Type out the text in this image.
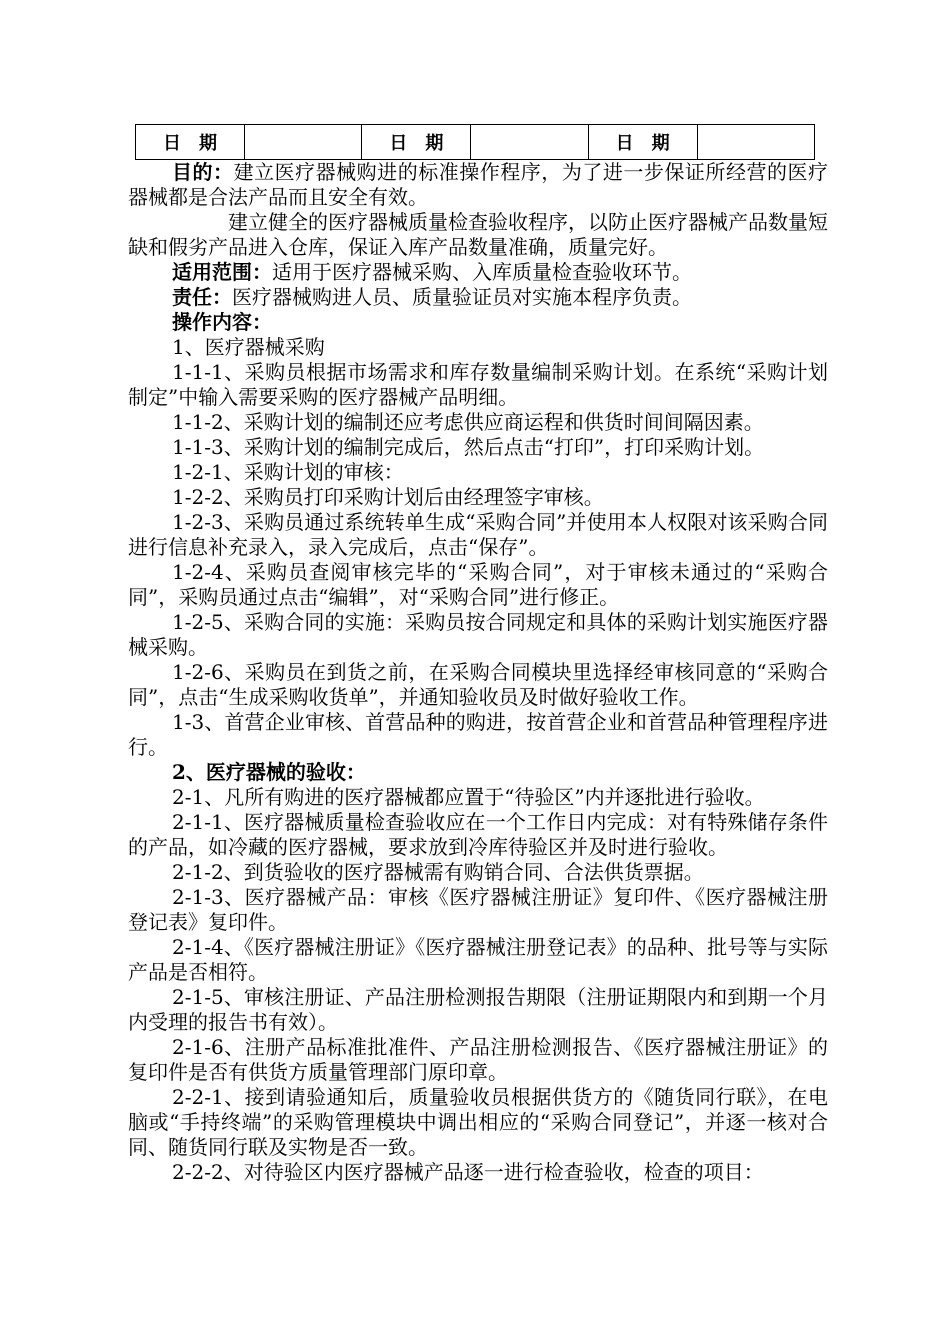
日　期		日　期		日　期	

目的：建立医疗器械购进的标准操作程序，为了进一步保证所经营的医疗器械都是合法产品而且安全有效。

建立健全的医疗器械质量检查验收程序，以防止医疗器械产品数量短缺和假劣产品进入仓库，保证入库产品数量准确，质量完好。

适用范围：适用于医疗器械采购、入库质量检查验收环节。

责任：医疗器械购进人员、质量验证员对实施本程序负责。

操作内容：

1、医疗器械采购

1-1-1、采购员根据市场需求和库存数量编制采购计划。在系统“采购计划制定”中输入需要采购的医疗器械产品明细。

1-1-2、采购计划的编制还应考虑供应商运程和供货时间间隔因素。

1-1-3、采购计划的编制完成后，然后点击“打印”，打印采购计划。

1-2-1、采购计划的审核：

1-2-2、采购员打印采购计划后由经理签字审核。

1-2-3、采购员通过系统转单生成“采购合同”并使用本人权限对该采购合同进行信息补充录入，录入完成后，点击“保存”。

1-2-4、采购员查阅审核完毕的“采购合同”，对于审核未通过的“采购合同”，采购员通过点击“编辑”，对“采购合同”进行修正。

1-2-5、采购合同的实施：采购员按合同规定和具体的采购计划实施医疗器械采购。

1-2-6、采购员在到货之前，在采购合同模块里选择经审核同意的“采购合同”，点击“生成采购收货单”，并通知验收员及时做好验收工作。

1-3、首营企业审核、首营品种的购进，按首营企业和首营品种管理程序进行。

2、医疗器械的验收：

2-1、凡所有购进的医疗器械都应置于“待验区”内并逐批进行验收。

2-1-1、医疗器械质量检查验收应在一个工作日内完成：对有特殊储存条件的产品，如冷藏的医疗器械，要求放到冷库待验区并及时进行验收。

2-1-2、到货验收的医疗器械需有购销合同、合法供货票据。

2-1-3、医疗器械产品：审核《医疗器械注册证》复印件、《医疗器械注册登记表》复印件。

2-1-4、《医疗器械注册证》《医疗器械注册登记表》的品种、批号等与实际产品是否相符。

2-1-5、审核注册证、产品注册检测报告期限（注册证期限内和到期一个月内受理的报告书有效）。

2-1-6、注册产品标准批准件、产品注册检测报告、《医疗器械注册证》的复印件是否有供货方质量管理部门原印章。

2-2-1、接到请验通知后，质量验收员根据供货方的《随货同行联》，在电脑或“手持终端”的采购管理模块中调出相应的“采购合同登记”，并逐一核对合同、随货同行联及实物是否一致。

2-2-2、对待验区内医疗器械产品逐一进行检查验收，检查的项目：
